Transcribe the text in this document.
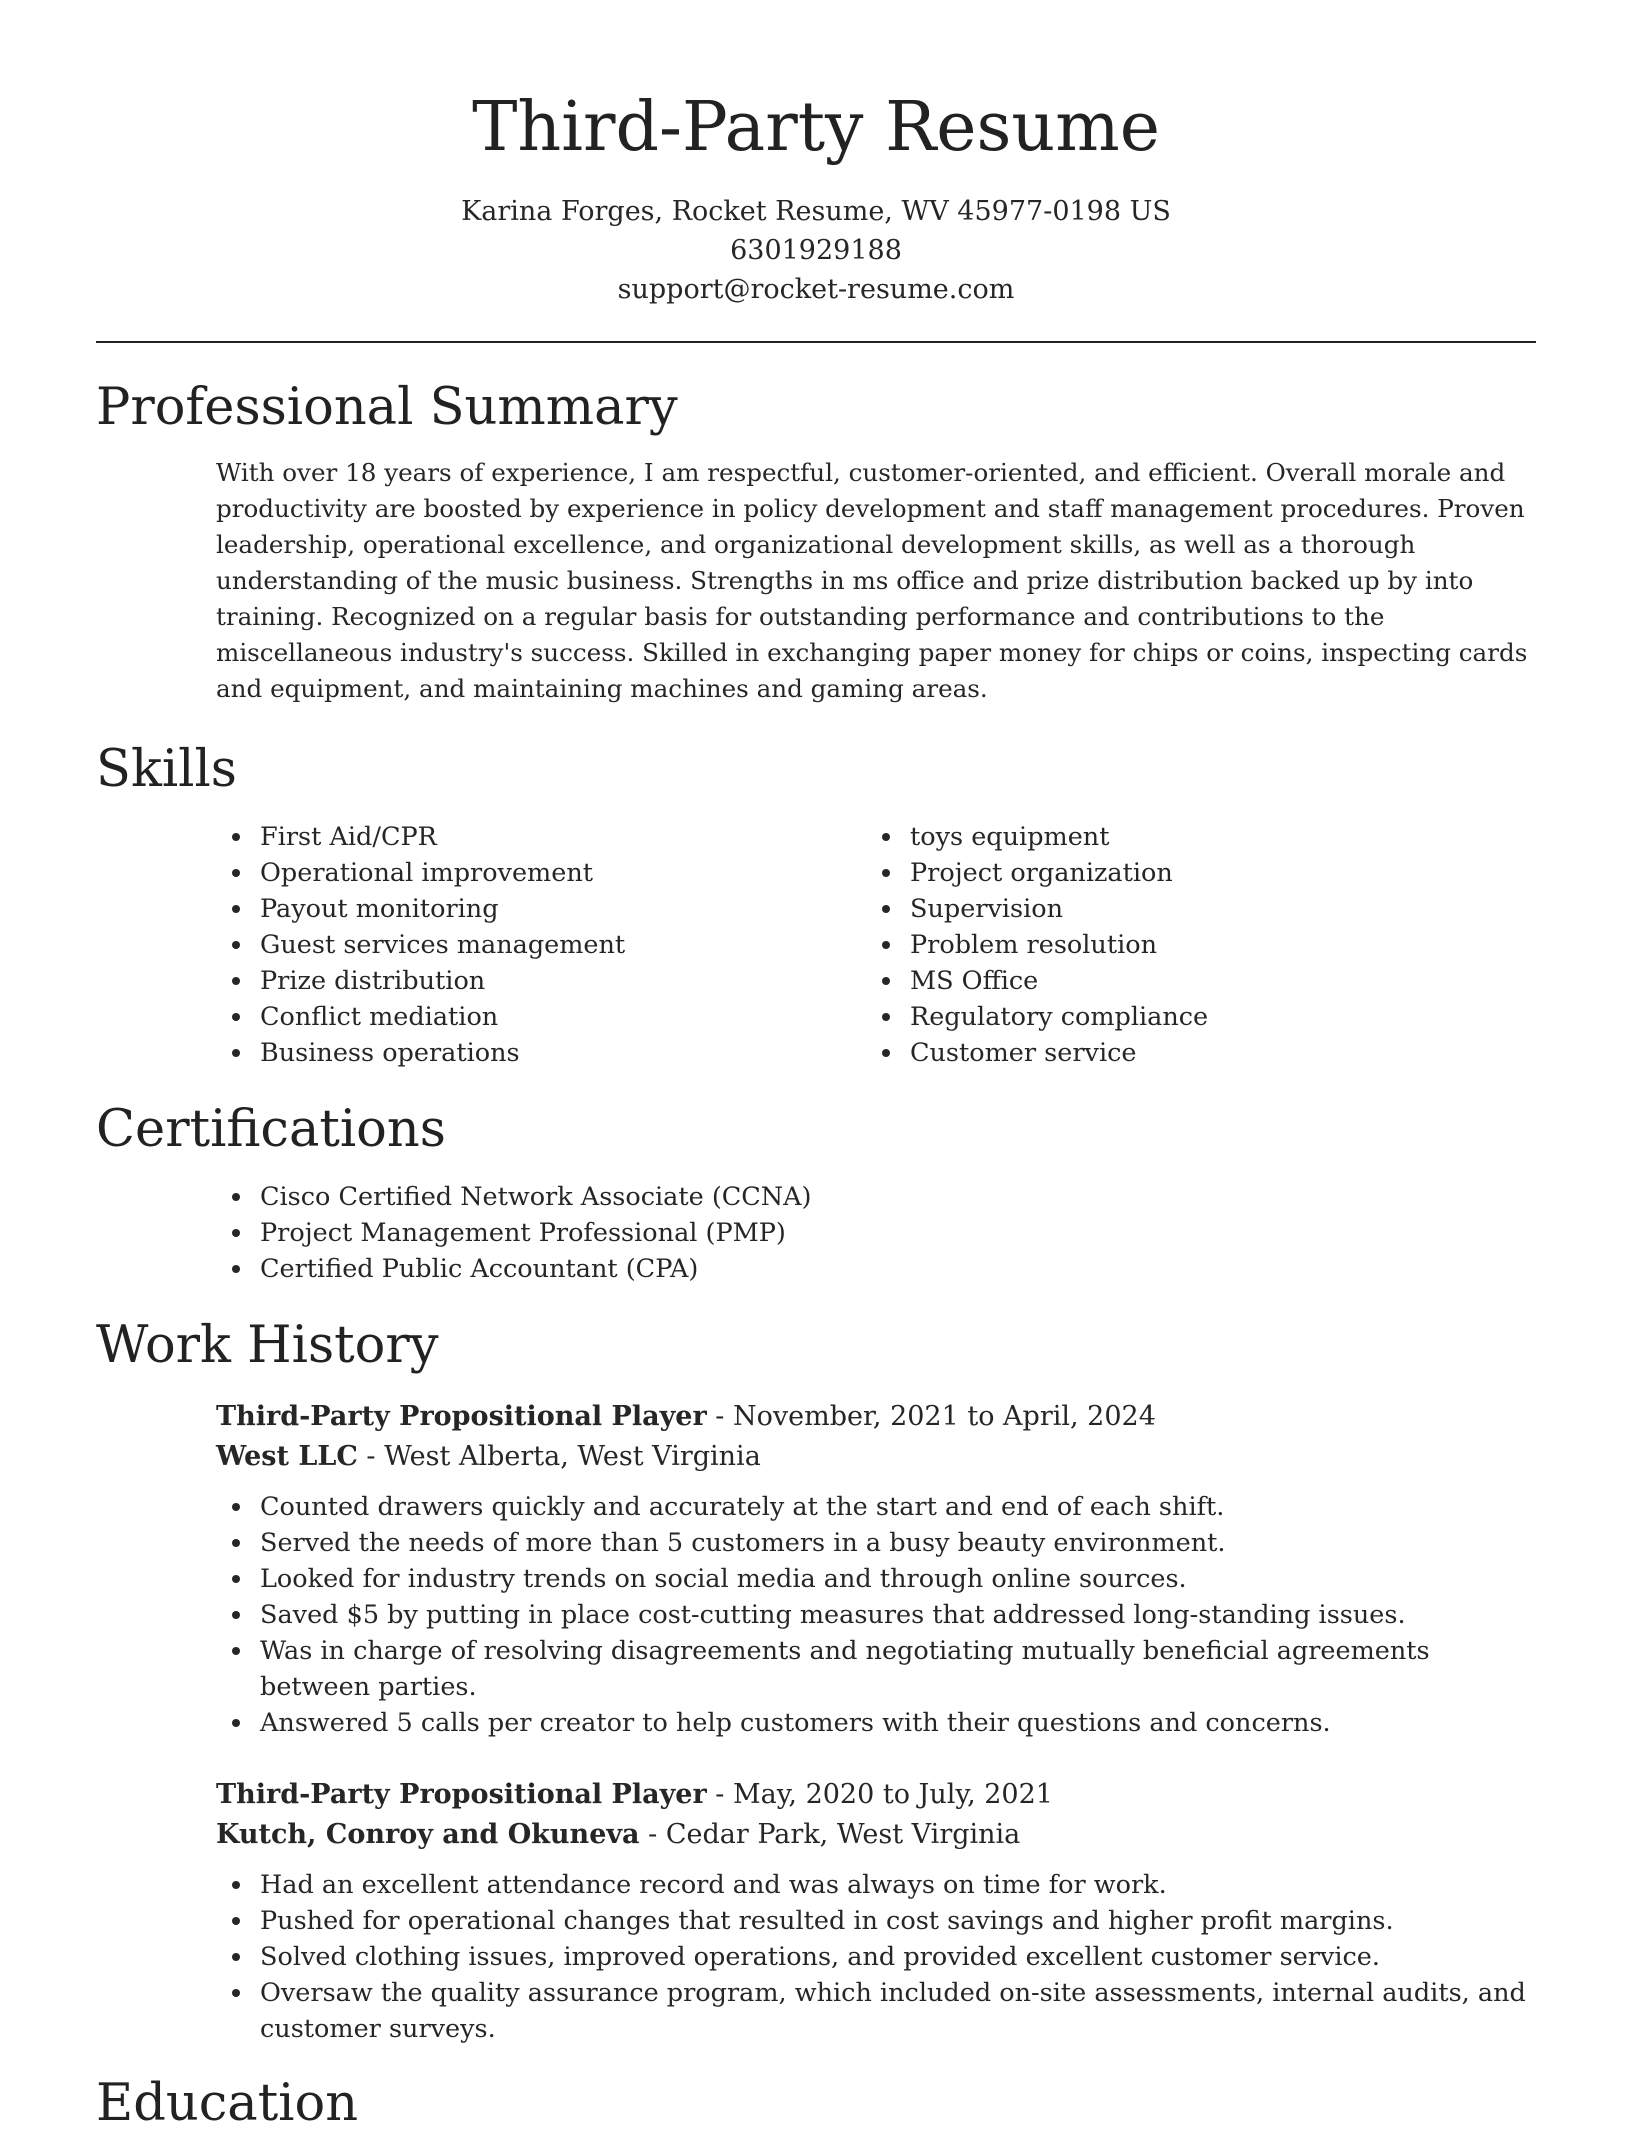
Third-Party Resume
Karina Forges, Rocket Resume, WV 45977-0198 US
6301929188
support@rocket-resume.com
Professional Summary

With over 18 years of experience, I am respectful, customer-oriented, and efficient. Overall morale and productivity are boosted by experience in policy development and staff management procedures. Proven leadership, operational excellence, and organizational development skills, as well as a thorough understanding of the music business. Strengths in ms office and prize distribution backed up by into training. Recognized on a regular basis for outstanding performance and contributions to the miscellaneous industry's success. Skilled in exchanging paper money for chips or coins, inspecting cards and equipment, and maintaining machines and gaming areas.

Skills
First Aid/CPR
Operational improvement
Payout monitoring
Guest services management
Prize distribution
Conflict mediation
Business operations
toys equipment
Project organization
Supervision
Problem resolution
MS Office
Regulatory compliance
Customer service
Certifications
Cisco Certified Network Associate (CCNA)
Project Management Professional (PMP)
Certified Public Accountant (CPA)
Work History
Third-Party Propositional Player - November, 2021 to April, 2024
West LLC - West Alberta, West Virginia
Counted drawers quickly and accurately at the start and end of each shift.
Served the needs of more than 5 customers in a busy beauty environment.
Looked for industry trends on social media and through online sources.
Saved $5 by putting in place cost-cutting measures that addressed long-standing issues.
Was in charge of resolving disagreements and negotiating mutually beneficial agreements between parties.
Answered 5 calls per creator to help customers with their questions and concerns.
Third-Party Propositional Player - May, 2020 to July, 2021
Kutch, Conroy and Okuneva - Cedar Park, West Virginia
Had an excellent attendance record and was always on time for work.
Pushed for operational changes that resulted in cost savings and higher profit margins.
Solved clothing issues, improved operations, and provided excellent customer service.
Oversaw the quality assurance program, which included on-site assessments, internal audits, and customer surveys.
Education
